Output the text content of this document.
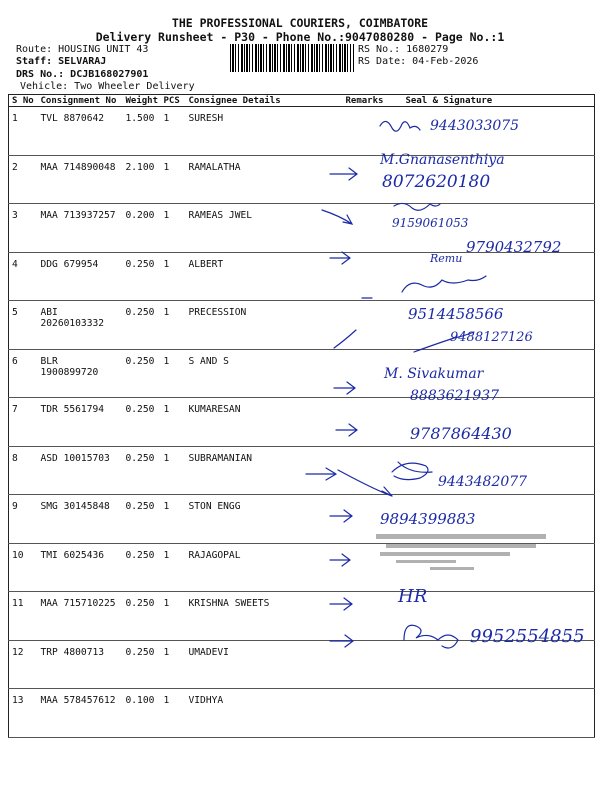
THE PROFESSIONAL COURIERS, COIMBATORE
Delivery Runsheet - P30 - Phone No.:9047080280 - Page No.:1
Route: HOUSING UNIT 43
Staff: SELVARAJ
DRS No.: DCJB168027901
Vehicle: Two Wheeler Delivery
RS No.: 1680279
RS Date: 04-Feb-2026
S No	Consignment No	Weight	PCS	Consignee Details	Remarks	Seal & Signature
1	TVL 8870642	1.500	1	SURESH		
2	MAA 714890048	2.100	1	RAMALATHA		
3	MAA 713937257	0.200	1	RAMEAS JWEL		
4	DDG 679954	0.250	1	ALBERT		
5	ABI 20260103332	0.250	1	PRECESSION		
6	BLR 1900899720	0.250	1	S AND S		
7	TDR 5561794	0.250	1	KUMARESAN		
8	ASD 10015703	0.250	1	SUBRAMANIAN		
9	SMG 30145848	0.250	1	STON ENGG		
10	TMI 6025436	0.250	1	RAJAGOPAL		
11	MAA 715710225	0.250	1	KRISHNA SWEETS		
12	TRP 4800713	0.250	1	UMADEVI		
13	MAA 578457612	0.100	1	VIDHYA		
9443033075
M.Gnanasenthiya
8072620180
9159061053
9790432792
Remu
9514458566
9488127126
M. Sivakumar
8883621937
9787864430
9443482077
9894399883
HR
9952554855
